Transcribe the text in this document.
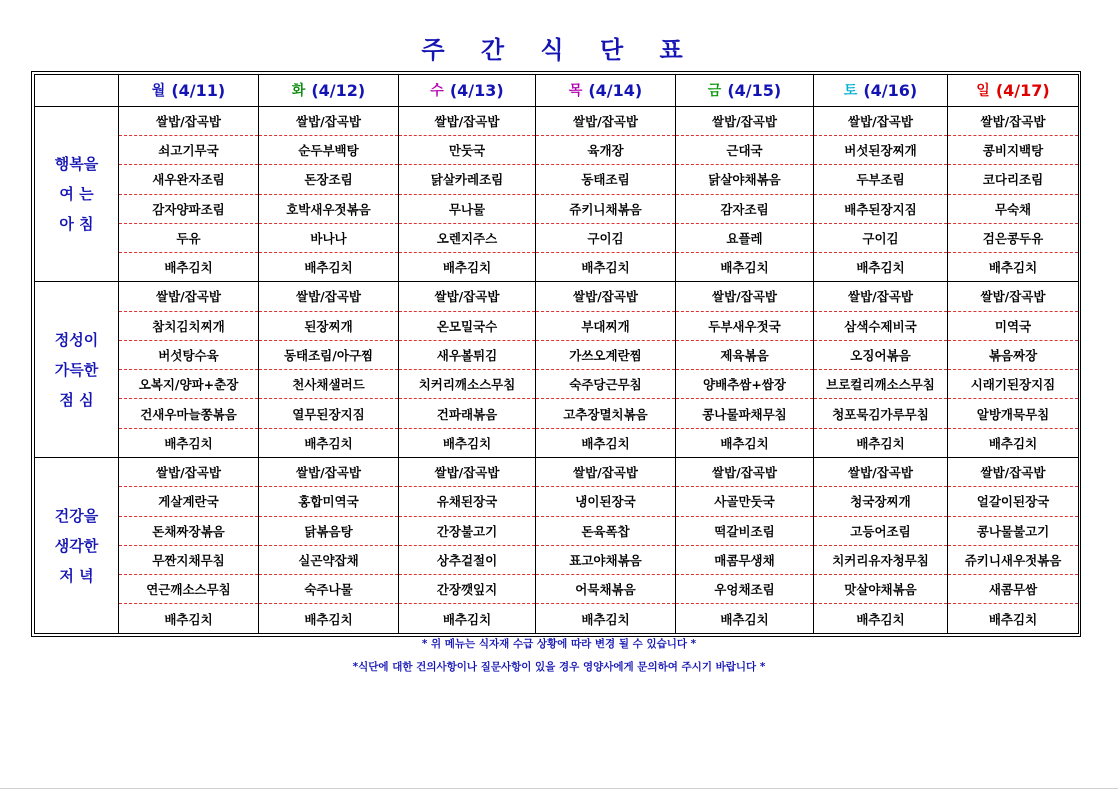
주 간 식 단 표

	월 (4/11)	화 (4/12)	수 (4/13)	목 (4/14)	금 (4/15)	토 (4/16)	일 (4/17)

행복을
여 는
아 침	쌀밥/잡곡밥	쌀밥/잡곡밥	쌀밥/잡곡밥	쌀밥/잡곡밥	쌀밥/잡곡밥	쌀밥/잡곡밥	쌀밥/잡곡밥
	쇠고기무국	순두부백탕	만둣국	육개장	근대국	버섯된장찌개	콩비지백탕
	새우완자조림	돈장조림	닭살카레조림	동태조림	닭살야채볶음	두부조림	코다리조림
	감자양파조림	호박새우젓볶음	무나물	쥬키니채볶음	감자조림	배추된장지짐	무숙채
	두유	바나나	오렌지주스	구이김	요플레	구이김	검은콩두유
	배추김치	배추김치	배추김치	배추김치	배추김치	배추김치	배추김치

정성이
가득한
점 심	쌀밥/잡곡밥	쌀밥/잡곡밥	쌀밥/잡곡밥	쌀밥/잡곡밥	쌀밥/잡곡밥	쌀밥/잡곡밥	쌀밥/잡곡밥
	참치김치찌개	된장찌개	온모밀국수	부대찌개	두부새우젓국	삼색수제비국	미역국
	버섯탕수육	동태조림/아구찜	새우볼튀김	가쓰오계란찜	제육볶음	오징어볶음	볶음짜장
	오복지/양파+춘장	천사채샐러드	치커리깨소스무침	숙주당근무침	양배추쌈+쌈장	브로컬리깨소스무침	시래기된장지짐
	건새우마늘쫑볶음	열무된장지짐	건파래볶음	고추장멸치볶음	콩나물파채무침	청포묵김가루무침	알방개묵무침
	배추김치	배추김치	배추김치	배추김치	배추김치	배추김치	배추김치

건강을
생각한
저 녁	쌀밥/잡곡밥	쌀밥/잡곡밥	쌀밥/잡곡밥	쌀밥/잡곡밥	쌀밥/잡곡밥	쌀밥/잡곡밥	쌀밥/잡곡밥
	게살계란국	홍합미역국	유채된장국	냉이된장국	사골만둣국	청국장찌개	얼갈이된장국
	돈채짜장볶음	닭볶음탕	간장불고기	돈육폭찹	떡갈비조림	고등어조림	콩나물불고기
	무짠지채무침	실곤약잡채	상추겉절이	표고야채볶음	매콤무생채	치커리유자청무침	쥬키니새우젓볶음
	연근깨소스무침	숙주나물	간장깻잎지	어묵채볶음	우엉채조림	맛살야채볶음	새콤무쌈
	배추김치	배추김치	배추김치	배추김치	배추김치	배추김치	배추김치
* 위 메뉴는 식자재 수급 상황에 따라 변경 될 수 있습니다 *
*식단에 대한 건의사항이나 질문사항이 있을 경우 영양사에게 문의하여 주시기 바랍니다 *
